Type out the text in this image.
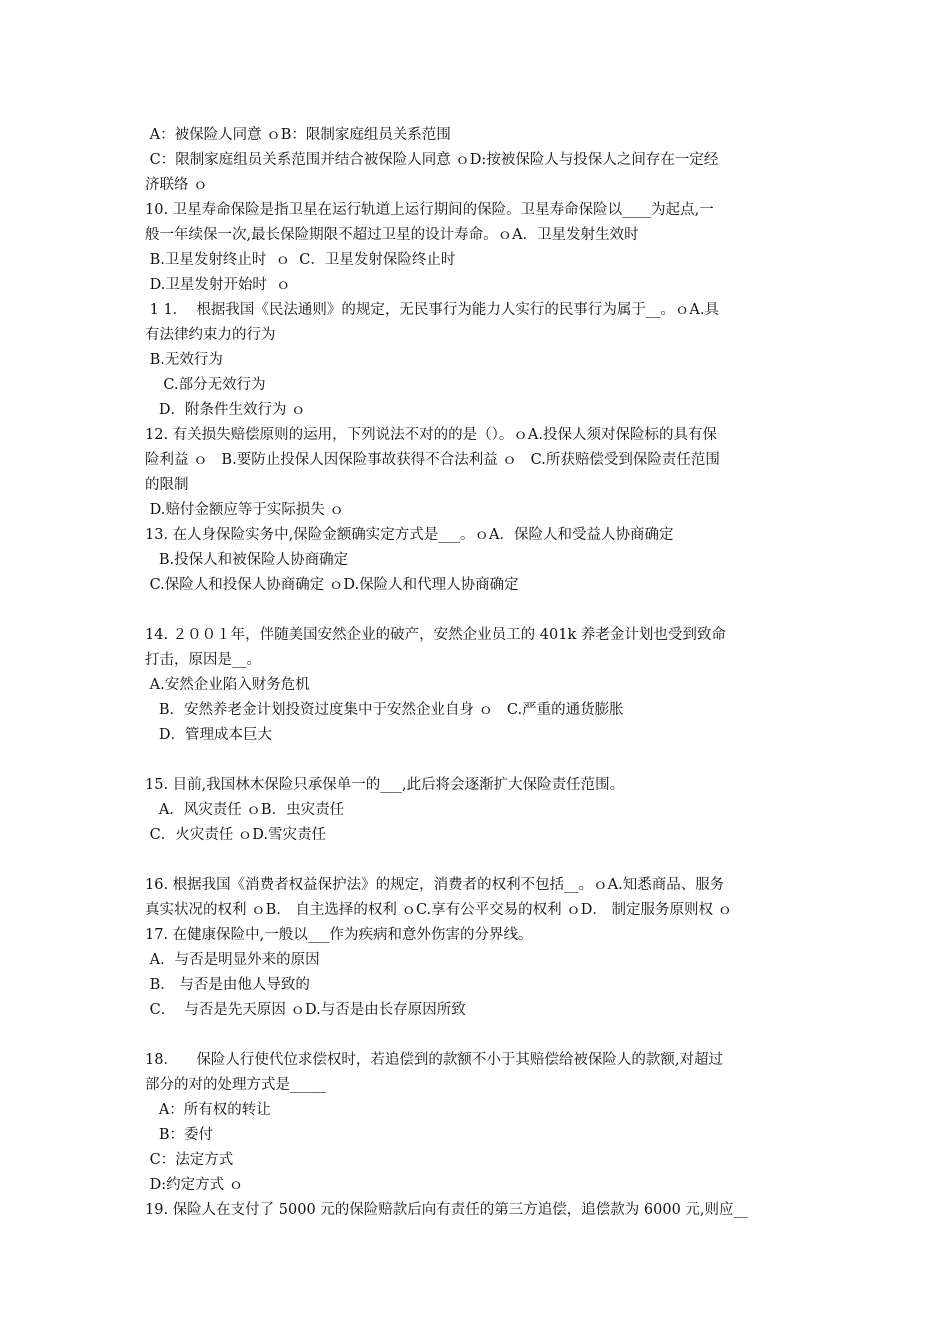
A：被保险人同意 ｏB：限制家庭组员关系范围
C：限制家庭组员关系范围并结合被保险人同意 ｏD:按被保险人与投保人之间存在一定经
济联络 ｏ
10. 卫星寿命保险是指卫星在运行轨道上运行期间的保险。卫星寿命保险以____为起点,一
般一年续保一次,最长保险期限不超过卫星的设计寿命。ｏA．卫星发射生效时
B.卫星发射终止时  ｏ  C．卫星发射保险终止时
D.卫星发射开始时  ｏ
1 1．  根据我国《民法通则》的规定，无民事行为能力人实行的民事行为属于__。ｏA.具
有法律约束力的行为
B.无效行为
C.部分无效行为
D．附条件生效行为 ｏ
12. 有关损失赔偿原则的运用，下列说法不对的的是（）。ｏA.投保人须对保险标的具有保
险利益 ｏ   B.要防止投保人因保险事故获得不合法利益 ｏ   C.所获赔偿受到保险责任范围
的限制
D.赔付金额应等于实际损失 ｏ
13. 在人身保险实务中,保险金额确实定方式是___。ｏA．保险人和受益人协商确定
B.投保人和被保险人协商确定
C.保险人和投保人协商确定 ｏD.保险人和代理人协商确定
14. ２００１年，伴随美国安然企业的破产，安然企业员工的 401k 养老金计划也受到致命
打击，原因是__。
A.安然企业陷入财务危机
B．安然养老金计划投资过度集中于安然企业自身 ｏ   C.严重的通货膨胀
D．管理成本巨大
15. 目前,我国林木保险只承保单一的___,此后将会逐渐扩大保险责任范围。
A．风灾责任 ｏB．虫灾责任
C．火灾责任 ｏD.雪灾责任
16. 根据我国《消费者权益保护法》的规定，消费者的权利不包括__。ｏA.知悉商品、服务
真实状况的权利 ｏB． 自主选择的权利 ｏC.享有公平交易的权利 ｏD． 制定服务原则权 ｏ
17. 在健康保险中,一般以___作为疾病和意外伤害的分界线。
A．与否是明显外来的原因
B． 与否是由他人导致的
C．  与否是先天原因 ｏD.与否是由长存原因所致
18．    保险人行使代位求偿权时，若追偿到的款额不小于其赔偿给被保险人的款额,对超过
部分的对的处理方式是_____
A：所有权的转让
B：委付
C：法定方式
D:约定方式 ｏ
19. 保险人在支付了 5000 元的保险赔款后向有责任的第三方追偿，追偿款为 6000 元,则应__
